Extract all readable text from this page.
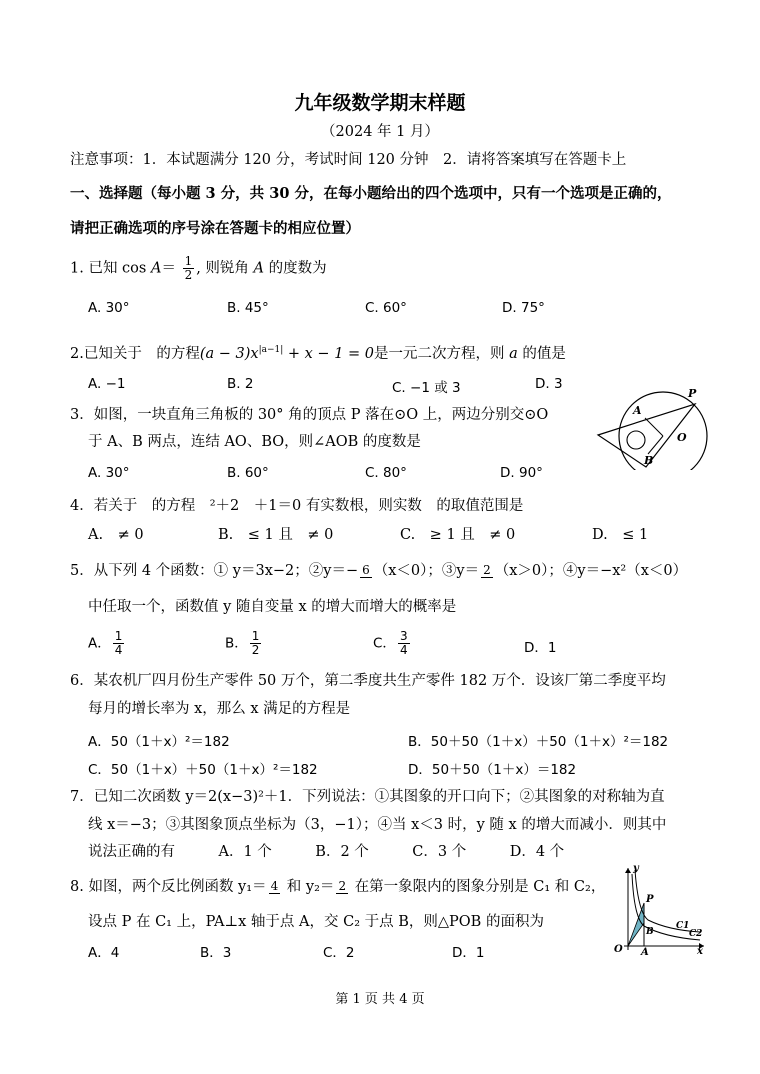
九年级数学期末样题
（2024 年 1 月）
注意事项：1．本试题满分 120 分，考试时间 120 分钟　2．请将答案填写在答题卡上
一、选择题（每小题 3 分，共 30 分，在每小题给出的四个选项中，只有一个选项是正确的，
请把正确选项的序号涂在答题卡的相应位置）
1. 已知 $\cos A= \frac{1}{2}$ , 则锐角 A 的度数为
A. 30°	B. 45°	C. 60°	D. 75°
2.已知关于　的方程$(a - 3)x^{|a-1|} + x - 1 = 0$是一元二次方程，则 a 的值是
A. −1	B. 2	C. −1 或 3	D. 3
3．如图，一块直角三角板的 30° 角的顶点 P 落在⊙O 上，两边分别交⊙O
于 A、B 两点，连结 AO、BO，则∠AOB 的度数是
A. 30°	B. 60°	C. 80°	D. 90°
P
A
O
B
4．若关于　的方程　²＋2　＋1＝0 有实数根，则实数　的取值范围是
A.　≠ 0	B.　≤ 1 且　≠ 0	C.　≥ 1 且　≠ 0	D.　≤ 1
5．从下列 4 个函数：① y＝3x−2；②y＝− 6 （x＜0）；③y＝ 2 （x＞0）；④y＝−x²（x＜0）
中任取一个，函数值 y 随自变量 x 的增大而增大的概率是
A． $\frac{1}{4}$	B． $\frac{1}{2}$	C． $\frac{3}{4}$	D．1
6．某农机厂四月份生产零件 50 万个，第二季度共生产零件 182 万个．设该厂第二季度平均
每月的增长率为 x，那么 x 满足的方程是
A．50（1＋x）²＝182	B．50＋50（1＋x）＋50（1＋x）²＝182
C．50（1＋x）＋50（1＋x）²＝182	D．50＋50（1＋x）＝182
7．已知二次函数 y＝2(x−3)²＋1．下列说法：①其图象的开口向下；②其图象的对称轴为直
线 x＝−3；③其图象顶点坐标为（3，−1）；④当 x＜3 时，y 随 x 的增大而减小．则其中
说法正确的有　　　A．1 个　　　B．2 个　　　C．3 个　　　D．4 个
8. 如图，两个反比例函数 y₁＝ 4 和 y₂＝ 2 在第一象限内的图象分别是 C₁ 和 C₂，
设点 P 在 C₁ 上，PA⊥x 轴于点 A，交 C₂ 于点 B，则△POB 的面积为
A．4	B．3	C．2	D．1
y
P
C1
C2
O A
B
x
第 1 页 共 4 页
